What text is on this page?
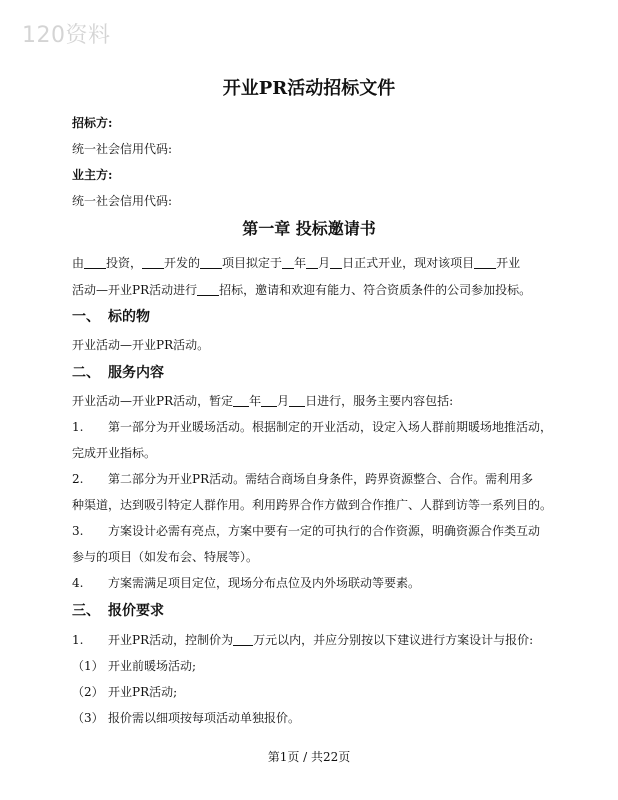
120资料
开业PR活动招标文件
招标方:
统一社会信用代码:
业主方:
统一社会信用代码:
第一章 投标邀请书
由 投资， 开发的 项目拟定于 年 月 日正式开业，现对该项目 开业
活动—开业PR活动进行 招标，邀请和欢迎有能力、符合资质条件的公司参加投标。
一、 标的物
开业活动—开业PR活动。
二、 服务内容
开业活动—开业PR活动，暂定 年 月 日进行，服务主要内容包括:
1. 第一部分为开业暖场活动。根据制定的开业活动，设定入场人群前期暖场地推活动，
完成开业指标。
2. 第二部分为开业PR活动。需结合商场自身条件，跨界资源整合、合作。需利用多
种渠道，达到吸引特定人群作用。利用跨界合作方做到合作推广、人群到访等一系列目的。
3. 方案设计必需有亮点，方案中要有一定的可执行的合作资源，明确资源合作类互动
参与的项目（如发布会、特展等）。
4. 方案需满足项目定位，现场分布点位及内外场联动等要素。
三、 报价要求
1. 开业PR活动，控制价为 万元以内，并应分别按以下建议进行方案设计与报价:
（1） 开业前暖场活动;
（2） 开业PR活动;
（3） 报价需以细项按每项活动单独报价。
第1页 / 共22页
